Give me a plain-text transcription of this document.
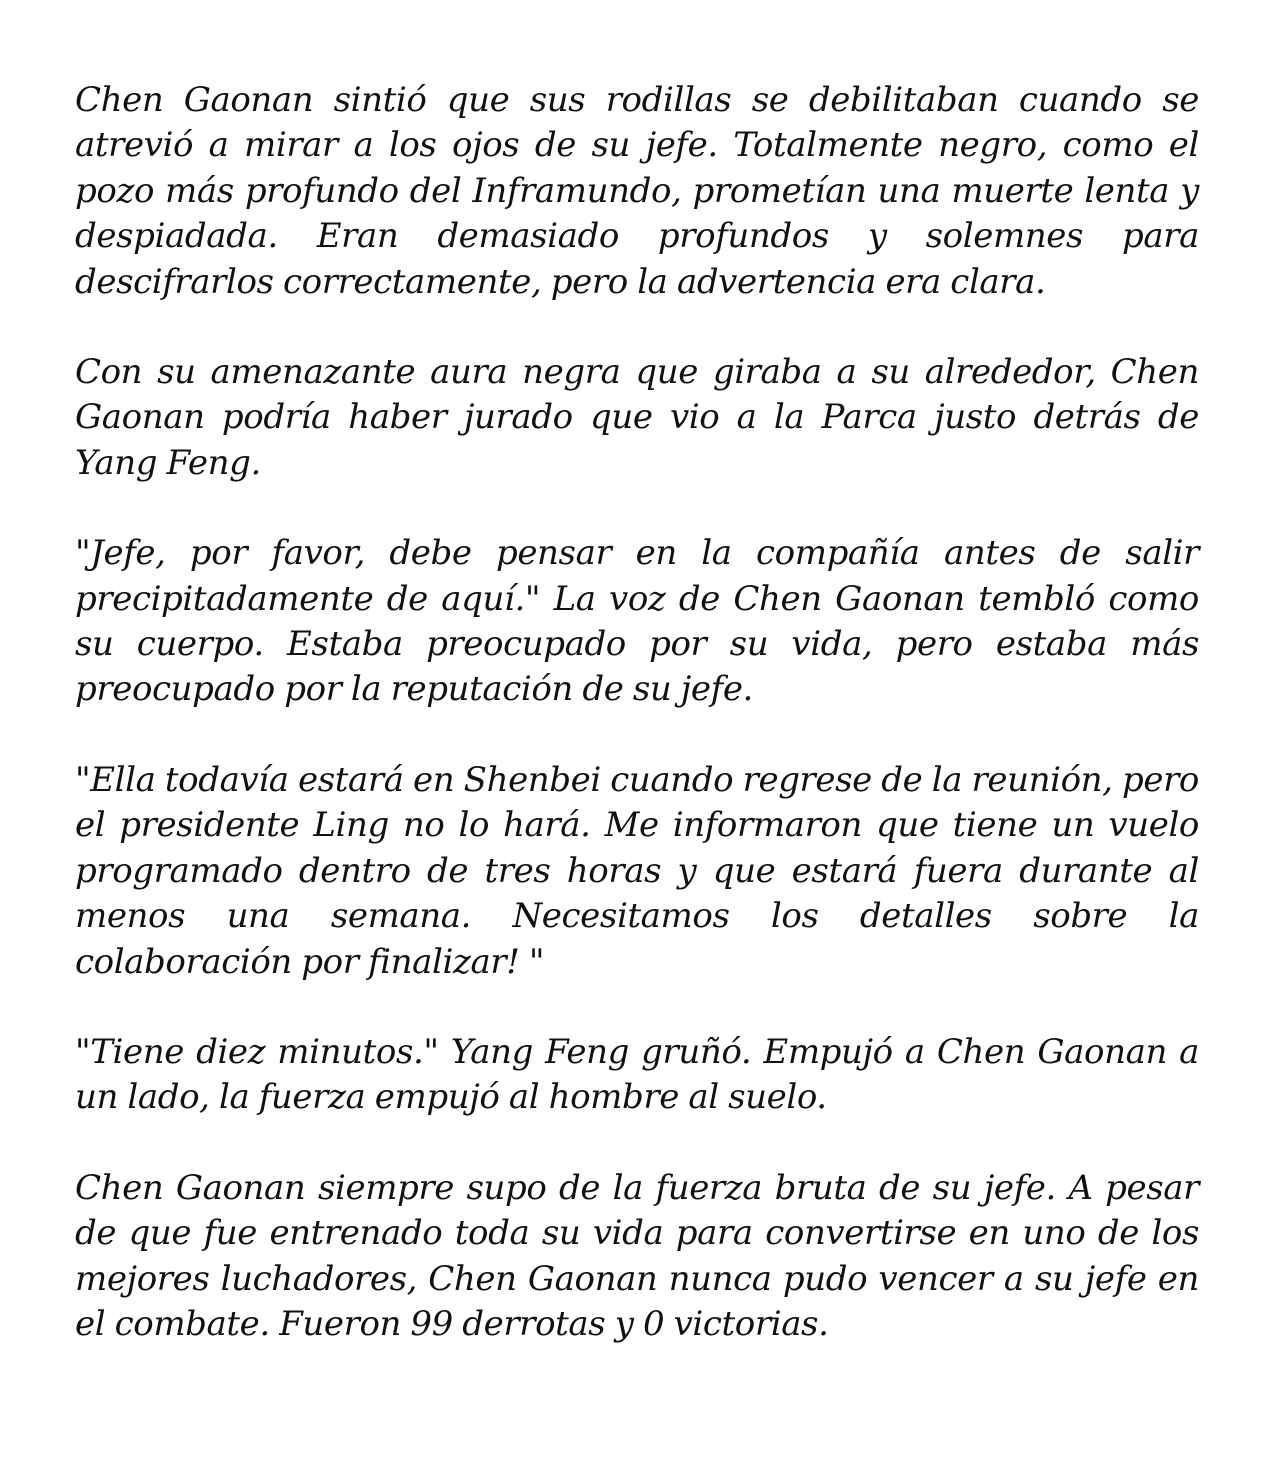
Chen Gaonan sintió que sus rodillas se debilitaban cuando se atrevió a mirar a los ojos de su jefe. Totalmente negro, como el pozo más profundo del Inframundo, prometían una muerte lenta y despiadada. Eran demasiado profundos y solemnes para descifrarlos correctamente, pero la advertencia era clara.

Con su amenazante aura negra que giraba a su alrededor, Chen Gaonan podría haber jurado que vio a la Parca justo detrás de Yang Feng.

"Jefe, por favor, debe pensar en la compañía antes de salir precipitadamente de aquí." La voz de Chen Gaonan tembló como su cuerpo. Estaba preocupado por su vida, pero estaba más preocupado por la reputación de su jefe.

"Ella todavía estará en Shenbei cuando regrese de la reunión, pero el presidente Ling no lo hará. Me informaron que tiene un vuelo programado dentro de tres horas y que estará fuera durante al menos una semana. Necesitamos los detalles sobre la colaboración por finalizar! "

"Tiene diez minutos." Yang Feng gruñó. Empujó a Chen Gaonan a un lado, la fuerza empujó al hombre al suelo.

Chen Gaonan siempre supo de la fuerza bruta de su jefe. A pesar de que fue entrenado toda su vida para convertirse en uno de los mejores luchadores, Chen Gaonan nunca pudo vencer a su jefe en el combate. Fueron 99 derrotas y 0 victorias.
